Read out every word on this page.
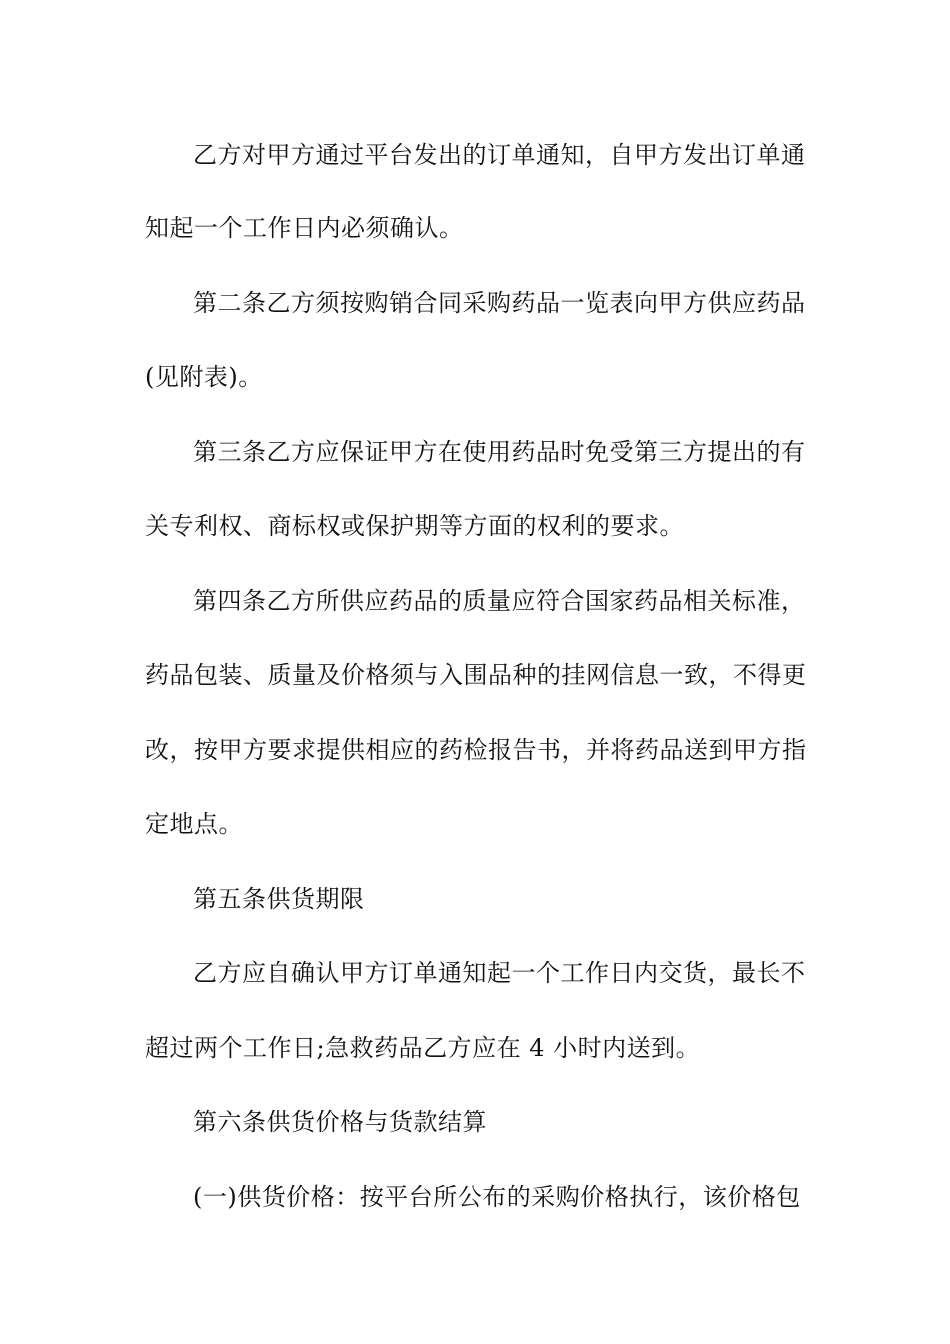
乙方对甲方通过平台发出的订单通知，自甲方发出订单通
知起一个工作日内必须确认。
第二条乙方须按购销合同采购药品一览表向甲方供应药品
(见附表)。
第三条乙方应保证甲方在使用药品时免受第三方提出的有
关专利权、商标权或保护期等方面的权利的要求。
第四条乙方所供应药品的质量应符合国家药品相关标准，
药品包装、质量及价格须与入围品种的挂网信息一致，不得更
改，按甲方要求提供相应的药检报告书，并将药品送到甲方指
定地点。
第五条供货期限
乙方应自确认甲方订单通知起一个工作日内交货，最长不
超过两个工作日;急救药品乙方应在 4 小时内送到。
第六条供货价格与货款结算
(一)供货价格：按平台所公布的采购价格执行，该价格包
